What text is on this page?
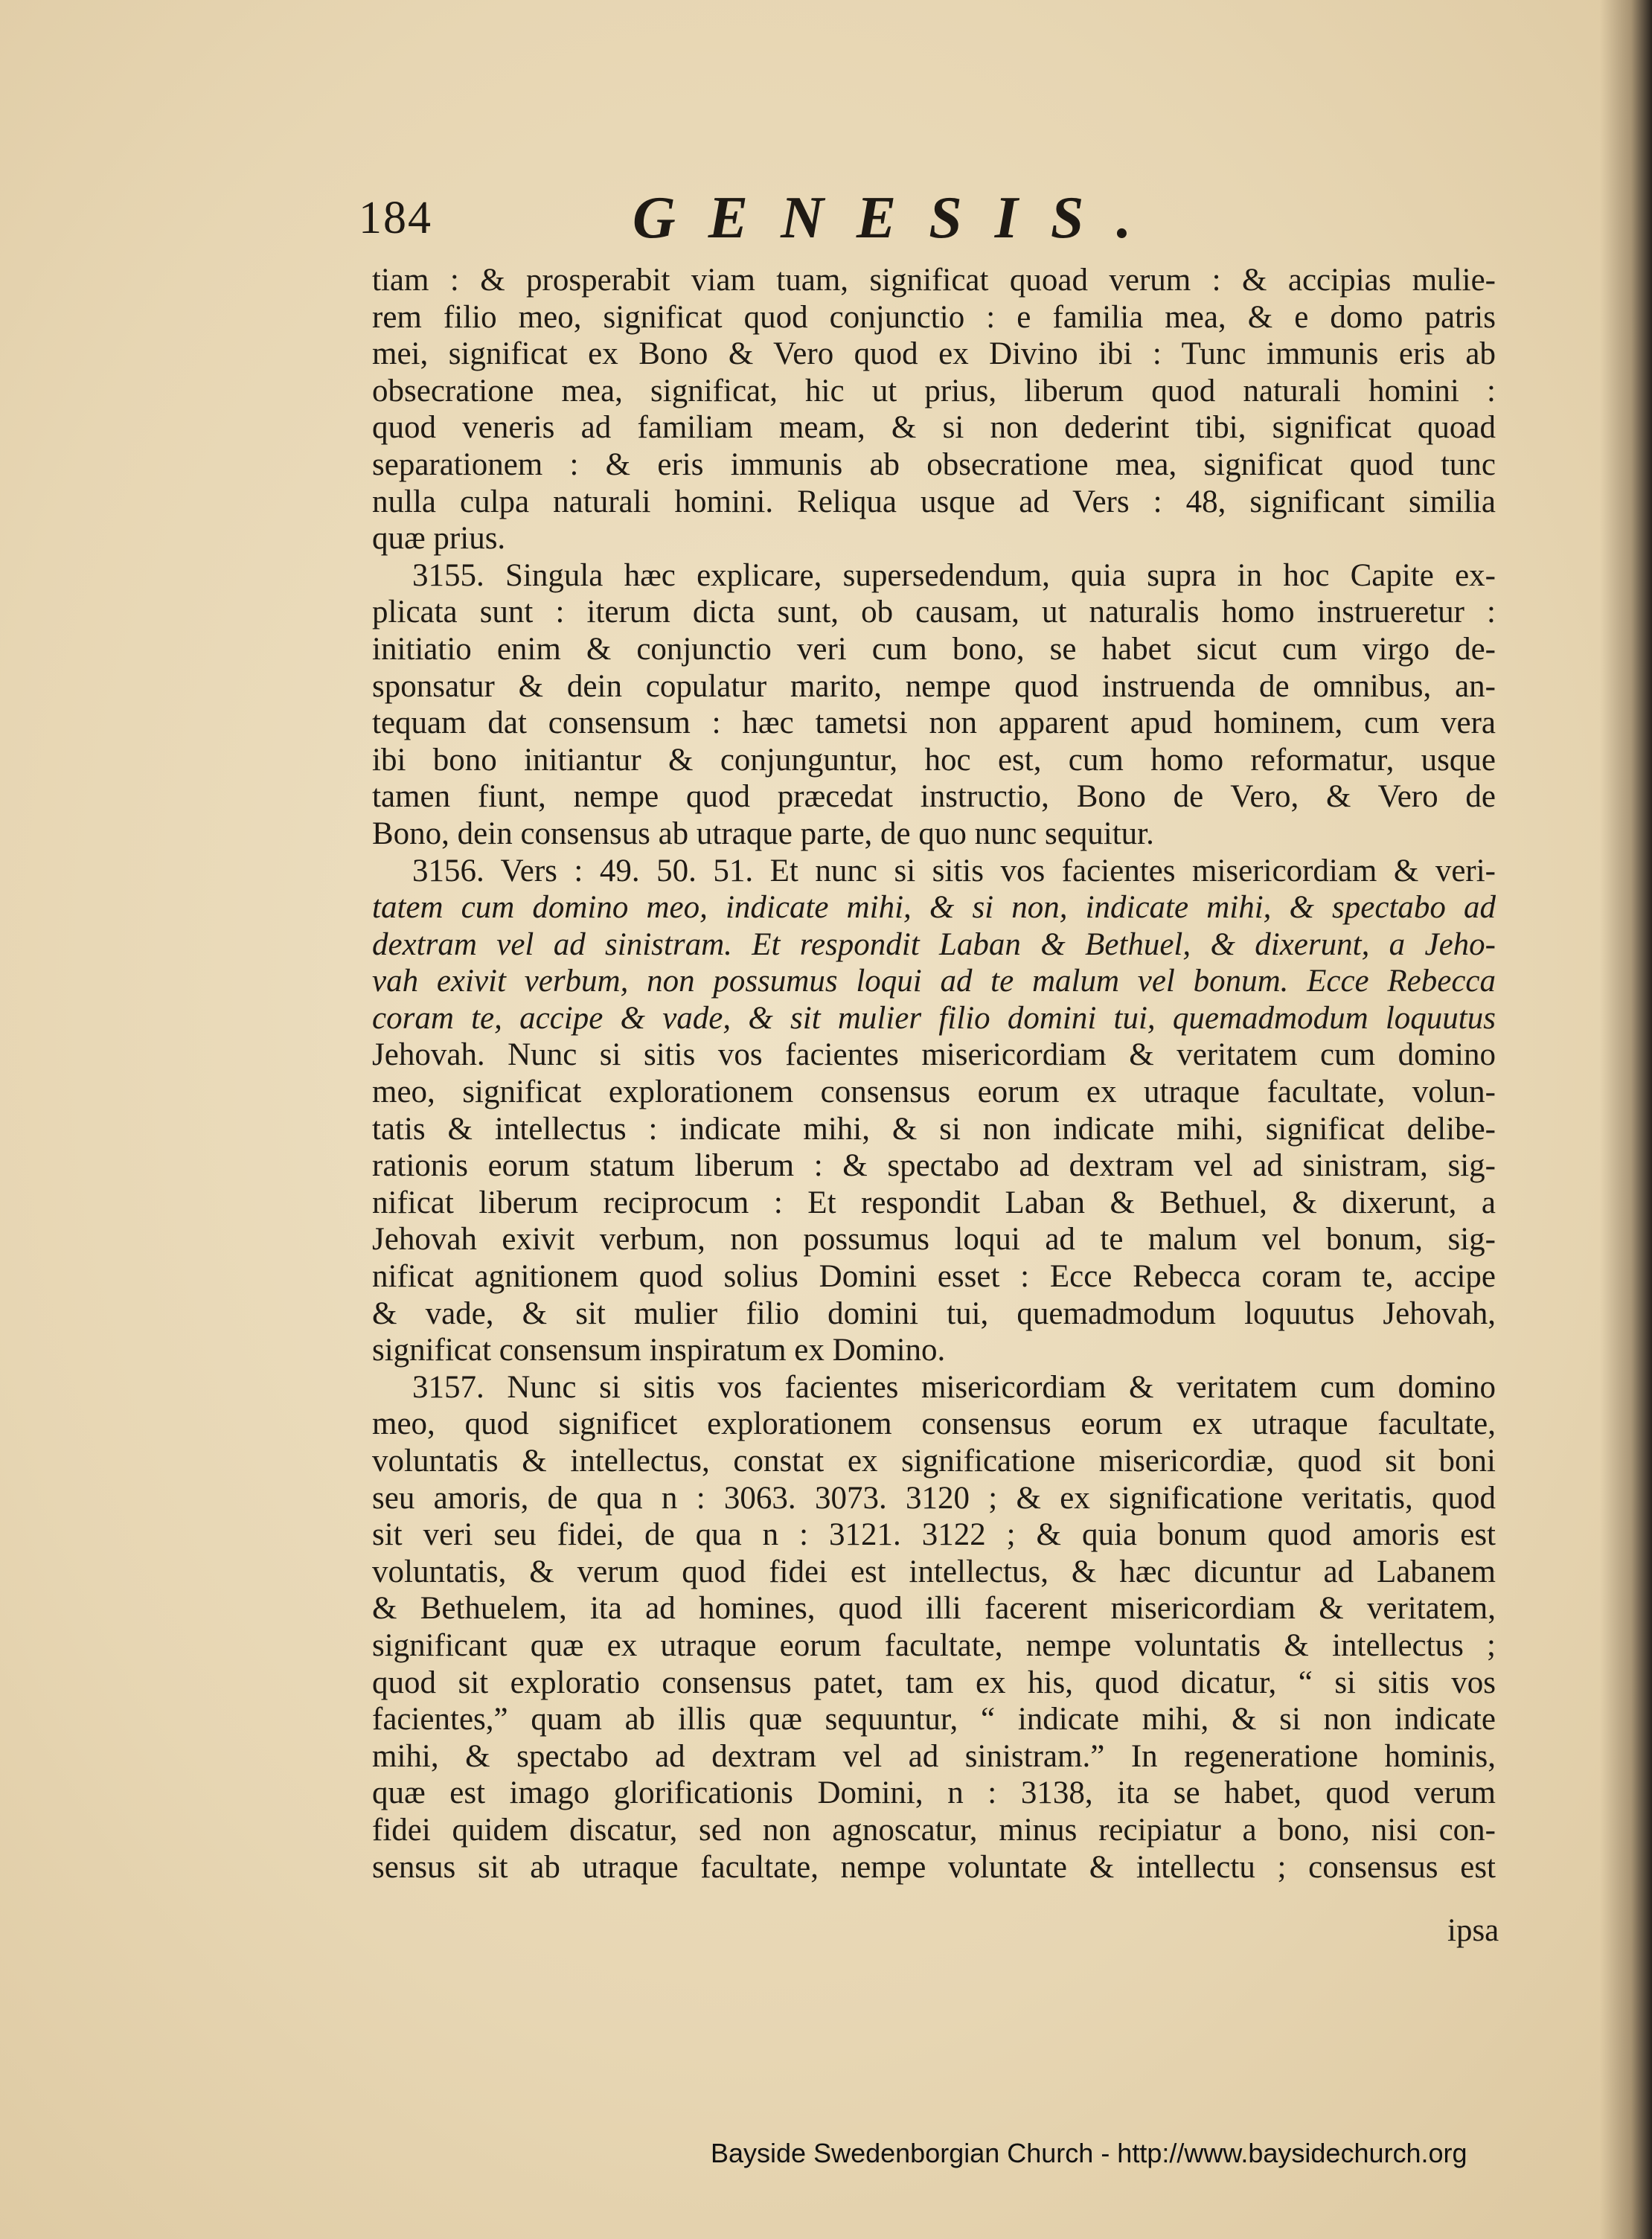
184	GENESIS.
tiam : & prosperabit viam tuam, significat quoad verum : & accipias mulie-
rem filio meo, significat quod conjunctio : e familia mea, & e domo patris
mei, significat ex Bono & Vero quod ex Divino ibi : Tunc immunis eris ab
obsecratione mea, significat, hic ut prius, liberum quod naturali homini :
quod veneris ad familiam meam, & si non dederint tibi, significat quoad
separationem : & eris immunis ab obsecratione mea, significat quod tunc
nulla culpa naturali homini. Reliqua usque ad Vers : 48, significant similia
quæ prius.
3155. Singula hæc explicare, supersedendum, quia supra in hoc Capite ex-
plicata sunt : iterum dicta sunt, ob causam, ut naturalis homo instrueretur :
initiatio enim & conjunctio veri cum bono, se habet sicut cum virgo de-
sponsatur & dein copulatur marito, nempe quod instruenda de omnibus, an-
tequam dat consensum : hæc tametsi non apparent apud hominem, cum vera
ibi bono initiantur & conjunguntur, hoc est, cum homo reformatur, usque
tamen fiunt, nempe quod præcedat instructio, Bono de Vero, & Vero de
Bono, dein consensus ab utraque parte, de quo nunc sequitur.
3156. Vers : 49. 50. 51. Et nunc si sitis vos facientes misericordiam & veri-
tatem cum domino meo, indicate mihi, & si non, indicate mihi, & spectabo ad
dextram vel ad sinistram. Et respondit Laban & Bethuel, & dixerunt, a Jeho-
vah exivit verbum, non possumus loqui ad te malum vel bonum. Ecce Rebecca
coram te, accipe & vade, & sit mulier filio domini tui, quemadmodum loquutus
Jehovah. Nunc si sitis vos facientes misericordiam & veritatem cum domino
meo, significat explorationem consensus eorum ex utraque facultate, volun-
tatis & intellectus : indicate mihi, & si non indicate mihi, significat delibe-
rationis eorum statum liberum : & spectabo ad dextram vel ad sinistram, sig-
nificat liberum reciprocum : Et respondit Laban & Bethuel, & dixerunt, a
Jehovah exivit verbum, non possumus loqui ad te malum vel bonum, sig-
nificat agnitionem quod solius Domini esset : Ecce Rebecca coram te, accipe
& vade, & sit mulier filio domini tui, quemadmodum loquutus Jehovah,
significat consensum inspiratum ex Domino.
3157. Nunc si sitis vos facientes misericordiam & veritatem cum domino
meo, quod significet explorationem consensus eorum ex utraque facultate,
voluntatis & intellectus, constat ex significatione misericordiæ, quod sit boni
seu amoris, de qua n : 3063. 3073. 3120 ; & ex significatione veritatis, quod
sit veri seu fidei, de qua n : 3121. 3122 ; & quia bonum quod amoris est
voluntatis, & verum quod fidei est intellectus, & hæc dicuntur ad Labanem
& Bethuelem, ita ad homines, quod illi facerent misericordiam & veritatem,
significant quæ ex utraque eorum facultate, nempe voluntatis & intellectus ;
quod sit exploratio consensus patet, tam ex his, quod dicatur, “ si sitis vos
facientes,” quam ab illis quæ sequuntur, “ indicate mihi, & si non indicate
mihi, & spectabo ad dextram vel ad sinistram.” In regeneratione hominis,
quæ est imago glorificationis Domini, n : 3138, ita se habet, quod verum
fidei quidem discatur, sed non agnoscatur, minus recipiatur a bono, nisi con-
sensus sit ab utraque facultate, nempe voluntate & intellectu ; consensus est
ipsa
Bayside Swedenborgian Church - http://www.baysidechurch.org
